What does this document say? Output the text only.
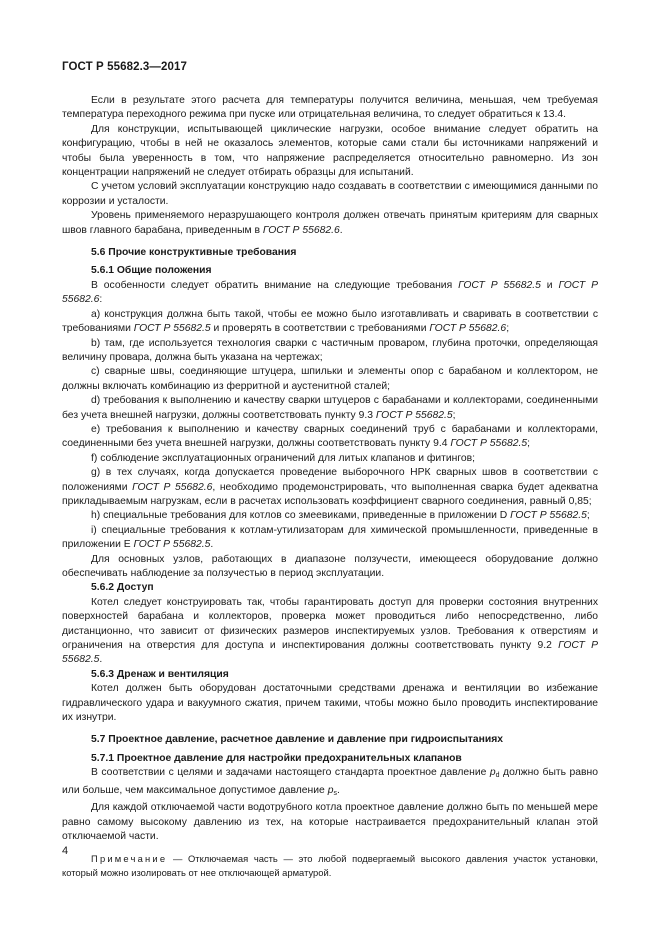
ГОСТ Р 55682.3—2017

Если в результате этого расчета для температуры получится величина, меньшая, чем требуемая температура переходного режима при пуске или отрицательная величина, то следует обратиться к 13.4.

Для конструкции, испытывающей циклические нагрузки, особое внимание следует обратить на конфигурацию, чтобы в ней не оказалось элементов, которые сами стали бы источниками напряжений и чтобы была уверенность в том, что напряжение распределяется относительно равномерно. Из зон концентрации напряжений не следует отбирать образцы для испытаний.

С учетом условий эксплуатации конструкцию надо создавать в соответствии с имеющимися данными по коррозии и усталости.

Уровень применяемого неразрушающего контроля должен отвечать принятым критериям для сварных швов главного барабана, приведенным в ГОСТ Р 55682.6.

5.6 Прочие конструктивные требования

5.6.1 Общие положения

В особенности следует обратить внимание на следующие требования ГОСТ Р 55682.5 и ГОСТ Р 55682.6:

а) конструкция должна быть такой, чтобы ее можно было изготавливать и сваривать в соответствии с требованиями ГОСТ Р 55682.5 и проверять в соответствии с требованиями ГОСТ Р 55682.6;

b) там, где используется технология сварки с частичным проваром, глубина проточки, определяющая величину провара, должна быть указана на чертежах;

с) сварные швы, соединяющие штуцера, шпильки и элементы опор с барабаном и коллектором, не должны включать комбинацию из ферритной и аустенитной сталей;

d) требования к выполнению и качеству сварки штуцеров с барабанами и коллекторами, соединенными без учета внешней нагрузки, должны соответствовать пункту 9.3 ГОСТ Р 55682.5;

е) требования к выполнению и качеству сварных соединений труб с барабанами и коллекторами, соединенными без учета внешней нагрузки, должны соответствовать пункту 9.4 ГОСТ Р 55682.5;

f) соблюдение эксплуатационных ограничений для литых клапанов и фитингов;

g) в тех случаях, когда допускается проведение выборочного НРК сварных швов в соответствии с положениями ГОСТ Р 55682.6, необходимо продемонстрировать, что выполненная сварка будет адекватна прикладываемым нагрузкам, если в расчетах использовать коэффициент сварного соединения, равный 0,85;

h) специальные требования для котлов со змеевиками, приведенные в приложении D ГОСТ Р 55682.5;

i) специальные требования к котлам-утилизаторам для химической промышленности, приведенные в приложении Е ГОСТ Р 55682.5.

Для основных узлов, работающих в диапазоне ползучести, имеющееся оборудование должно обеспечивать наблюдение за ползучестью в период эксплуатации.

5.6.2 Доступ

Котел следует конструировать так, чтобы гарантировать доступ для проверки состояния внутренних поверхностей барабана и коллекторов, проверка может проводиться либо непосредственно, либо дистанционно, что зависит от физических размеров инспектируемых узлов. Требования к отверстиям и ограничения на отверстия для доступа и инспектирования должны соответствовать пункту 9.2 ГОСТ Р 55682.5.

5.6.3 Дренаж и вентиляция

Котел должен быть оборудован достаточными средствами дренажа и вентиляции во избежание гидравлического удара и вакуумного сжатия, причем такими, чтобы можно было проводить инспектирование их изнутри.

5.7 Проектное давление, расчетное давление и давление при гидроиспытаниях

5.7.1 Проектное давление для настройки предохранительных клапанов

В соответствии с целями и задачами настоящего стандарта проектное давление $p_d$ должно быть равно или больше, чем максимальное допустимое давление $p_s$.

Для каждой отключаемой части водотрубного котла проектное давление должно быть по меньшей мере равно самому высокому давлению из тех, на которые настраивается предохранительный клапан этой отключаемой части.

Примечание — Отключаемая часть — это любой подвергаемый высокого давления участок установки, который можно изолировать от нее отключающей арматурой.

4
